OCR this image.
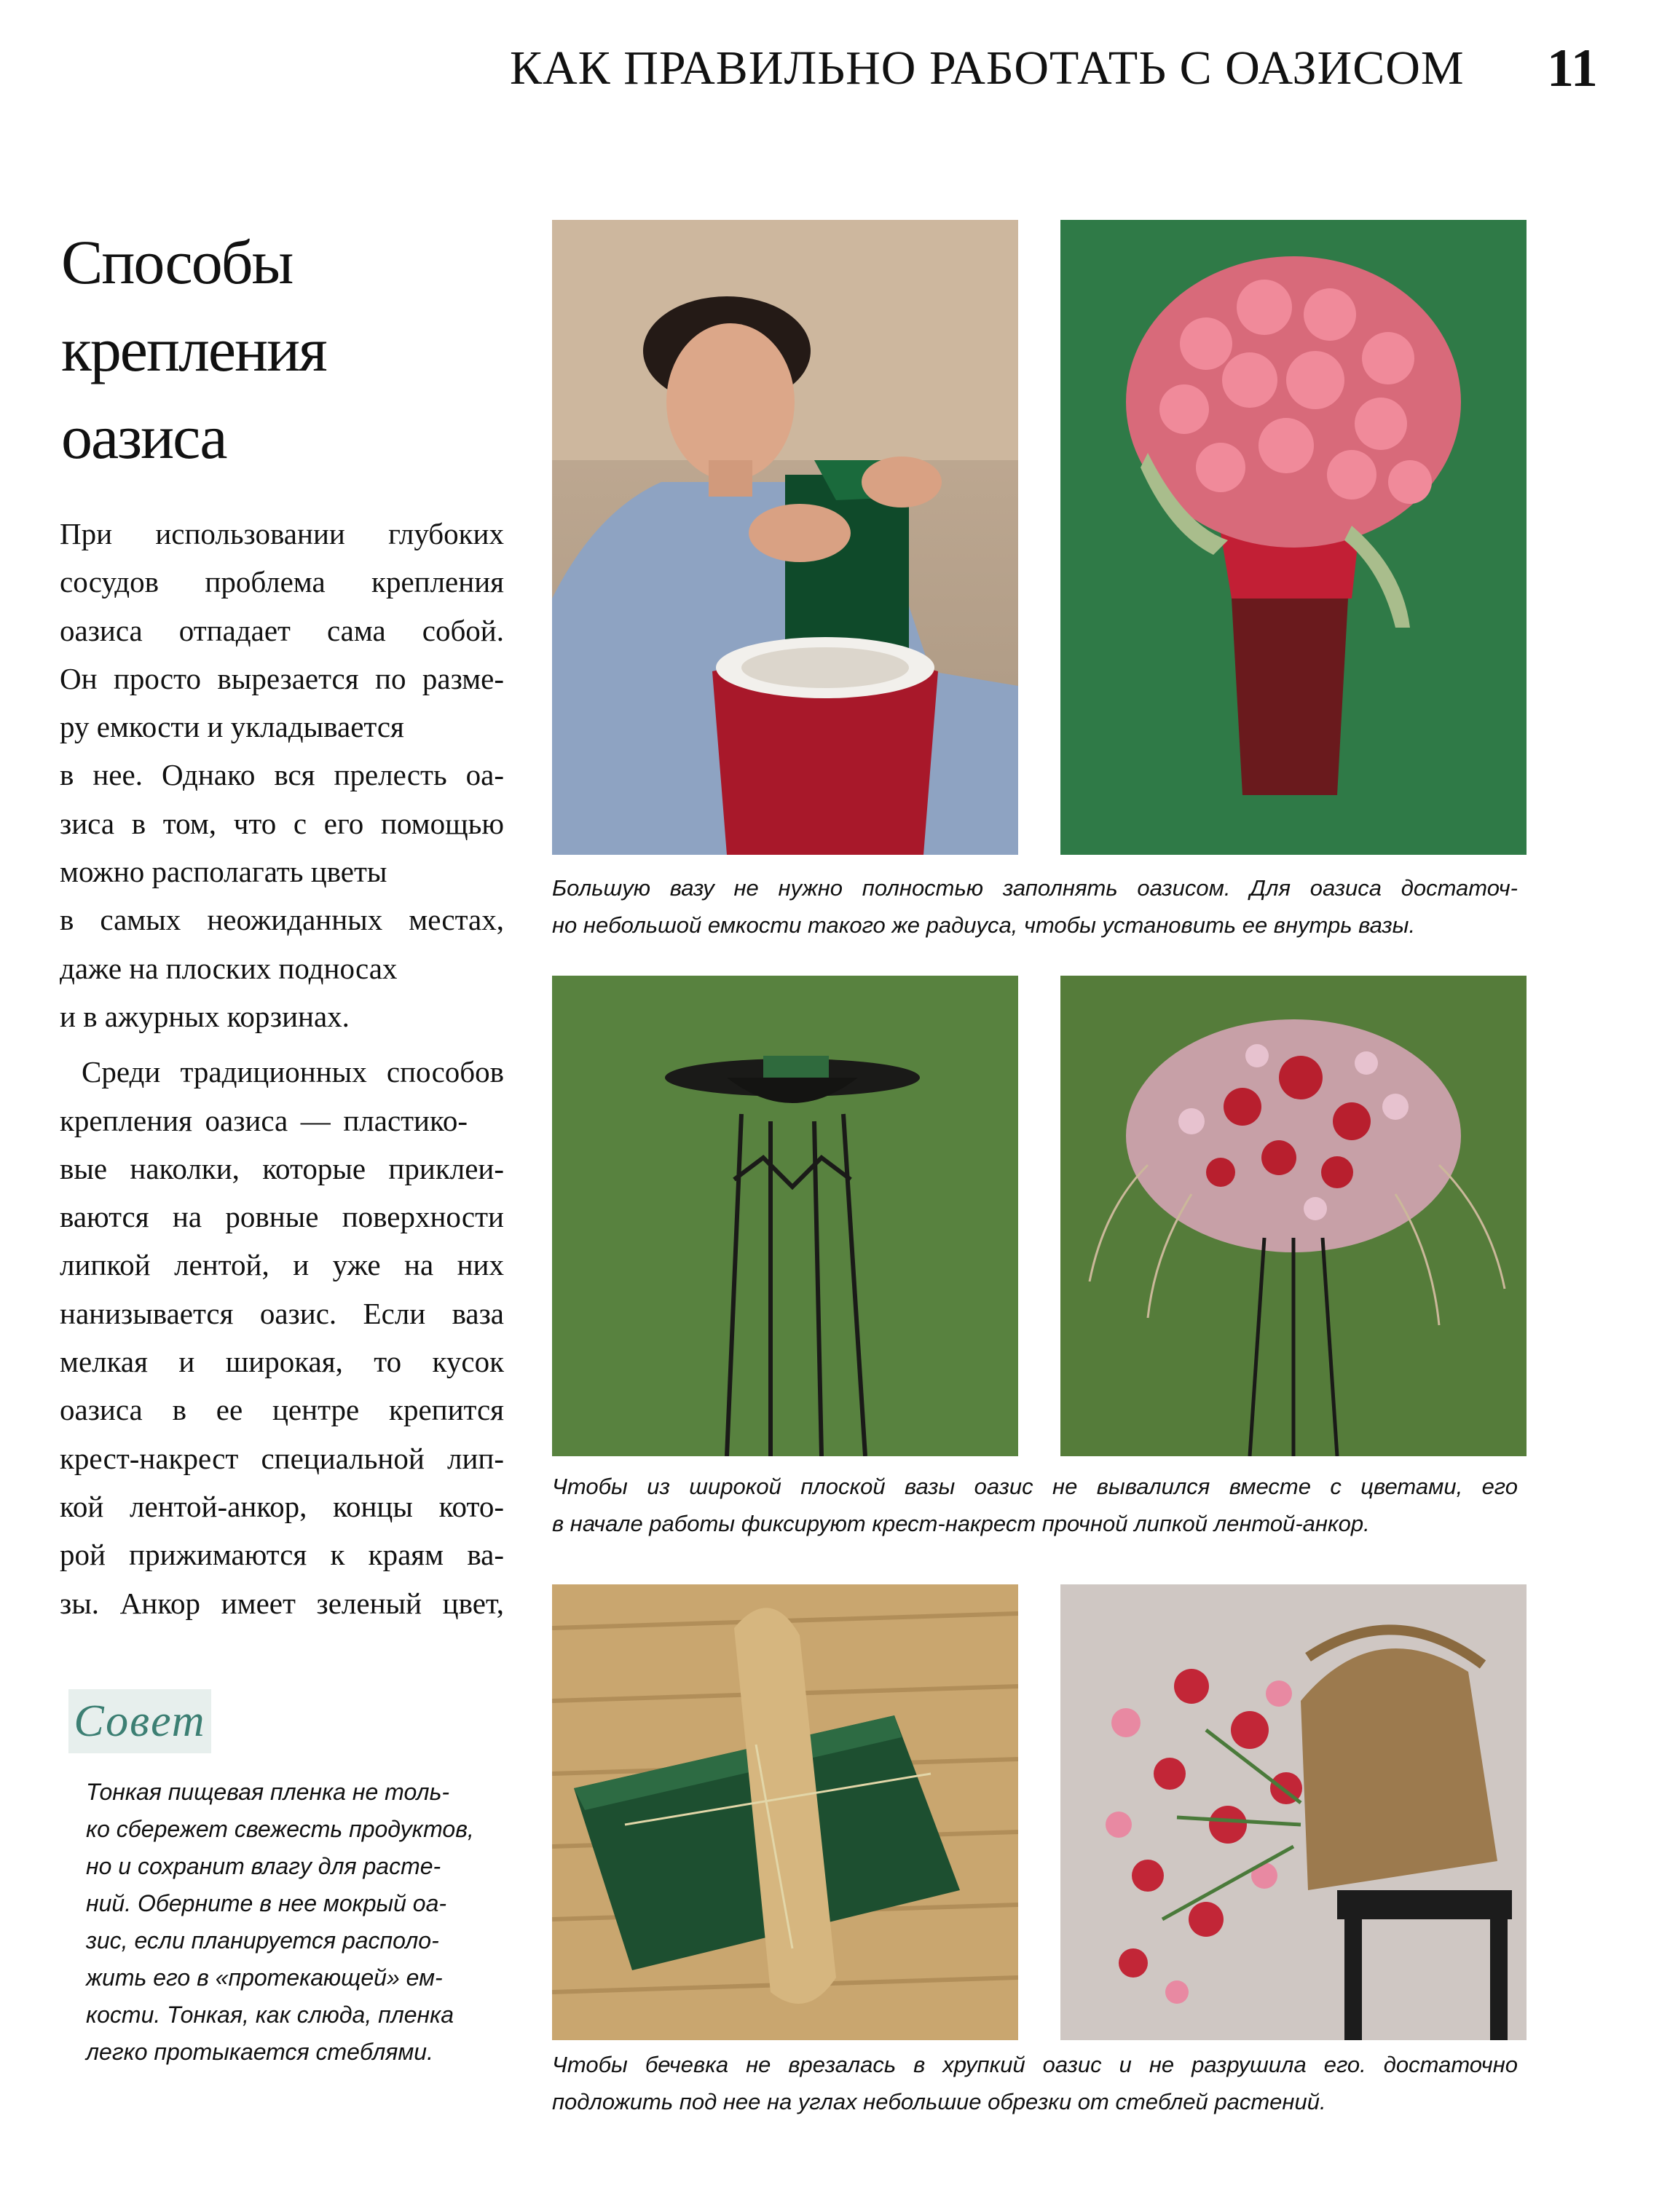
КАК ПРАВИЛЬНО РАБОТАТЬ С ОАЗИСОМ	11
Способы
крепления
оазиса
При использовании глубоких
сосудов проблема крепления
оазиса отпадает сама собой.
Он просто вырезается по разме-
ру емкости и укладывается
в нее. Однако вся прелесть оа-
зиса в том, что с его помощью
можно располагать цветы
в самых неожиданных местах,
даже на плоских подносах
и в ажурных корзинах.
Среди традиционных способов
крепления оазиса — пластико-
вые наколки, которые приклеи-
ваются на ровные поверхности
липкой лентой, и уже на них
нанизывается оазис. Если ваза
мелкая и широкая, то кусок
оазиса в ее центре крепится
крест-накрест специальной лип-
кой лентой-анкор, концы кото-
рой прижимаются к краям ва-
зы. Анкор имеет зеленый цвет,
Совет
Тонкая пищевая пленка не толь-
ко сбережет свежесть продуктов,
но и сохранит влагу для расте-
ний. Оберните в нее мокрый оа-
зис, если планируется располо-
жить его в «протекающей» ем-
кости. Тонкая, как слюда, пленка
легко протыкается стеблями.
Большую вазу не нужно полностью заполнять оазисом. Для оазиса достаточ-
но небольшой емкости такого же радиуса, чтобы установить ее внутрь вазы.
Чтобы из широкой плоской вазы оазис не вывалился вместе с цветами, его
в начале работы фиксируют крест-накрест прочной липкой лентой-анкор.
Чтобы бечевка не врезалась в хрупкий оазис и не разрушила его. достаточно
подложить под нее на углах небольшие обрезки от стеблей растений.
